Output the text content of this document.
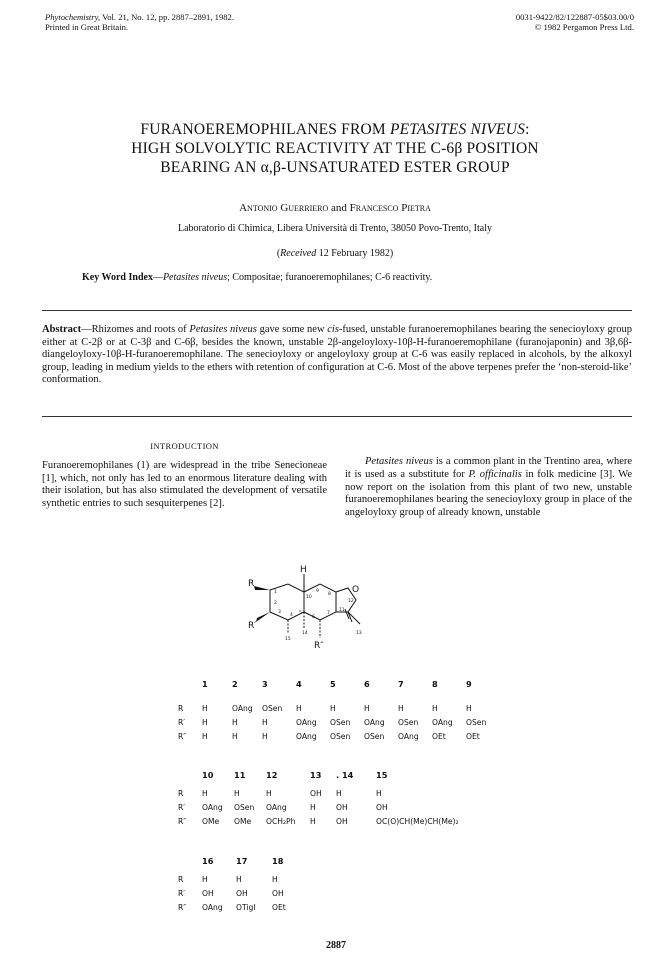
Phytochemistry, Vol. 21, No. 12, pp. 2887–2891, 1982.
Printed in Great Britain.
0031-9422/82/122887-05$03.00/0
© 1982 Pergamon Press Ltd.
FURANOEREMOPHILANES FROM PETASITES NIVEUS:
HIGH SOLVOLYTIC REACTIVITY AT THE C-6β POSITION
BEARING AN α,β-UNSATURATED ESTER GROUP
Antonio Guerriero and Francesco Pietra
Laboratorio di Chimica, Libera Università di Trento, 38050 Povo-Trento, Italy
(Received 12 February 1982)
Key Word Index—Petasites niveus; Compositae; furanoeremophilanes; C-6 reactivity.
Abstract—Rhizomes and roots of Petasites niveus gave some new cis-fused, unstable furanoeremophilanes bearing the senecioyloxy group either at C-2β or at C-3β and C-6β, besides the known, unstable 2β-angeloyloxy-10β-H-furanoeremophilane (furanojaponin) and 3β,6β-diangeloyloxy-10β-H-furanoeremophilane. The senecioyloxy or angeloyloxy group at C-6 was easily replaced in alcohols, by the alkoxyl group, leading in medium yields to the ethers with retention of configuration at C-6. Most of the above terpenes prefer the ‘non-steroid-like’ conformation.
INTRODUCTION
Furanoeremophilanes (1) are widespread in the tribe Senecioneae [1], which, not only has led to an enormous literature dealing with their isolation, but has also stimulated the development of versatile synthetic entries to such sesquiterpenes [2].
Petasites niveus is a common plant in the Trentino area, where it is used as a substitute for P. officinalis in folk medicine [3]. We now report on the isolation from this plant of two new, unstable furanoeremophilanes bearing the senecioyloxy group in place of the angeloyloxy group of already known, unstable
H
R
R′
R″
O
1
2
3
4 5
6
7
8
9
10
11
12
13
14
15
	1	2	3	4	5	6	7	8	9

R	H	OAng	OSen	H	H	H	H	H	H
R′	H	H	H	OAng	OSen	OAng	OSen	OAng	OSen
R″	H	H	H	OAng	OSen	OSen	OAng	OEt	OEt
	10	11	12	13	. 14	15

R	H	H	H	OH	H	H
R′	OAng	OSen	OAng	H	OH	OH
R″	OMe	OMe	OCH₂Ph	H	OH	OC(O)CH(Me)CH(Me)₂
	16	17	18

R	H	H	H
R′	OH	OH	OH
R″	OAng	OTigl	OEt
2887
